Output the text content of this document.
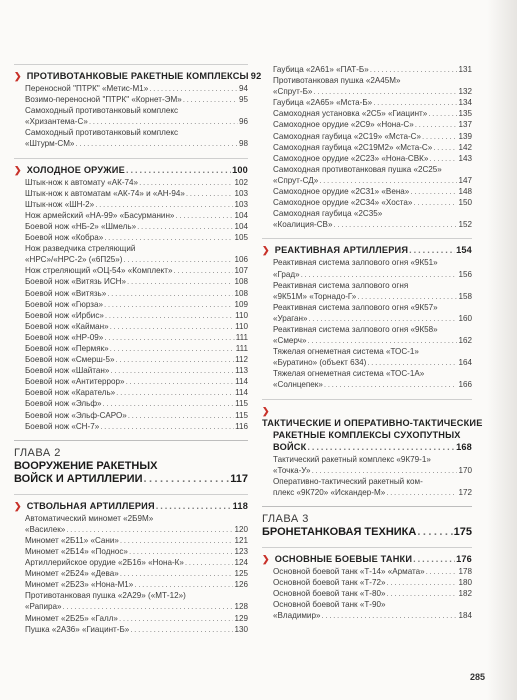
❯ ПРОТИВОТАНКОВЫЕ РАКЕТНЫЕ КОМПЛЕКСЫ 92
Переносной "ПТРК" «Метис-М1» . . .	94
Возимо-переносной "ПТРК" «Корнет-ЭМ» . . .	95
Самоходный противотанковый комплекс
«Хризантема-С» . . .	96
Самоходный противотанковый комплекс
«Штурм-СМ» . . .	98
❯ ХОЛОДНОЕ ОРУЖИЕ . . .	100
Штык-нож к автомату «АК-74» . . .	102
Штык-нож к автоматам «АК-74» и «АН-94» . . .	103
Штык-нож «ШН-2» . . .	103
Нож армейский «НА-99» «Басурманин» . . .	104
Боевой нож «НБ-2» «Шмель» . . .	104
Боевой нож «Кобра» . . .	105
Нож разведчика стреляющий
«НРС»/«НРС-2» («6П25») . . .	106
Нож стреляющий «ОЦ-54» «Комплект» . . .	107
Боевой нож «Витязь ИСН» . . .	108
Боевой нож «Витязь» . . .	108
Боевой нож «Гюрза» . . .	109
Боевой нож «Ирбис» . . .	110
Боевой нож «Кайман» . . .	110
Боевой нож «НР-09» . . .	111
Боевой нож «Пермяк» . . .	111
Боевой нож «Смерш-5» . . .	112
Боевой нож «Шайтан» . . .	113
Боевой нож «Антитеррор» . . .	114
Боевой нож «Каратель» . . .	114
Боевой нож «Эльф» . . .	115
Боевой нож «Эльф-САРО» . . .	115
Боевой нож «СН-7» . . .	116
ГЛАВА 2
ВООРУЖЕНИЕ РАКЕТНЫХ
ВОЙСК И АРТИЛЛЕРИИ . . .	117
❯ СТВОЛЬНАЯ АРТИЛЛЕРИЯ . . .	118
Автоматический миномет «2Б9М»
«Василек» . . .	120
Миномет «2Б11» «Сани» . . .	121
Миномет «2Б14» «Поднос» . . .	123
Артиллерийское орудие «2Б16» «Нона-К» . . .	124
Миномет «2Б24» «Дева» . . .	125
Миномет «2Б23» «Нона-М1» . . .	126
Противотанковая пушка «2А29» («МТ-12»)
«Рапира» . . .	128
Миномет «2Б25» «Галл» . . .	129
Пушка «2А36» «Гиацинт-Б» . . .	130
Гаубица «2А61» «ПАТ-Б» . . .	131
Противотанковая пушка «2А45М»
«Спрут-Б» . . .	132
Гаубица «2А65» «Мста-Б» . . .	134
Самоходная установка «2С5» «Гиацинт» . . .	135
Самоходное орудие «2С9» «Нона-С» . . .	137
Самоходная гаубица «2С19» «Мста-С» . . .	139
Самоходная гаубица «2С19М2» «Мста-С» . . .	142
Самоходное орудие «2С23» «Нона-СВК» . . .	143
Самоходная противотанковая пушка «2С25»
«Спрут-СД» . . .	147
Самоходное орудие «2С31» «Вена» . . .	148
Самоходное орудие «2С34» «Хоста» . . .	150
Самоходная гаубица «2С35»
«Коалиция-СВ» . . .	152
❯ РЕАКТИВНАЯ АРТИЛЛЕРИЯ . . .	154
Реактивная система залпового огня «9К51»
«Град» . . .	156
Реактивная система залпового огня
«9К51М» «Торнадо-Г» . . .	158
Реактивная система залпового огня «9К57»
«Ураган» . . .	160
Реактивная система залпового огня «9К58»
«Смерч» . . .	162
Тяжелая огнеметная система «ТОС-1»
«Буратино» (объект 634) . . .	164
Тяжелая огнеметная система «ТОС-1А»
«Солнцепек» . . .	166
❯ТАКТИЧЕСКИЕ И ОПЕРАТИВНО-ТАКТИЧЕСКИЕ
РАКЕТНЫЕ КОМПЛЕКСЫ СУХОПУТНЫХ
ВОЙСК . . .	168
Тактический ракетный комплекс «9К79-1»
«Точка-У» . . .	170
Оперативно-тактический ракетный ком-
плекс «9К720» «Искандер-М» . . .	172
ГЛАВА 3
БРОНЕТАНКОВАЯ ТЕХНИКА . . .	175
❯ ОСНОВНЫЕ БОЕВЫЕ ТАНКИ . . .	176
Основной боевой танк «Т-14» «Армата» . . .	178
Основной боевой танк «Т-72» . . .	180
Основной боевой танк «Т-80» . . .	182
Основной боевой танк «Т-90»
«Владимир» . . .	184
285
